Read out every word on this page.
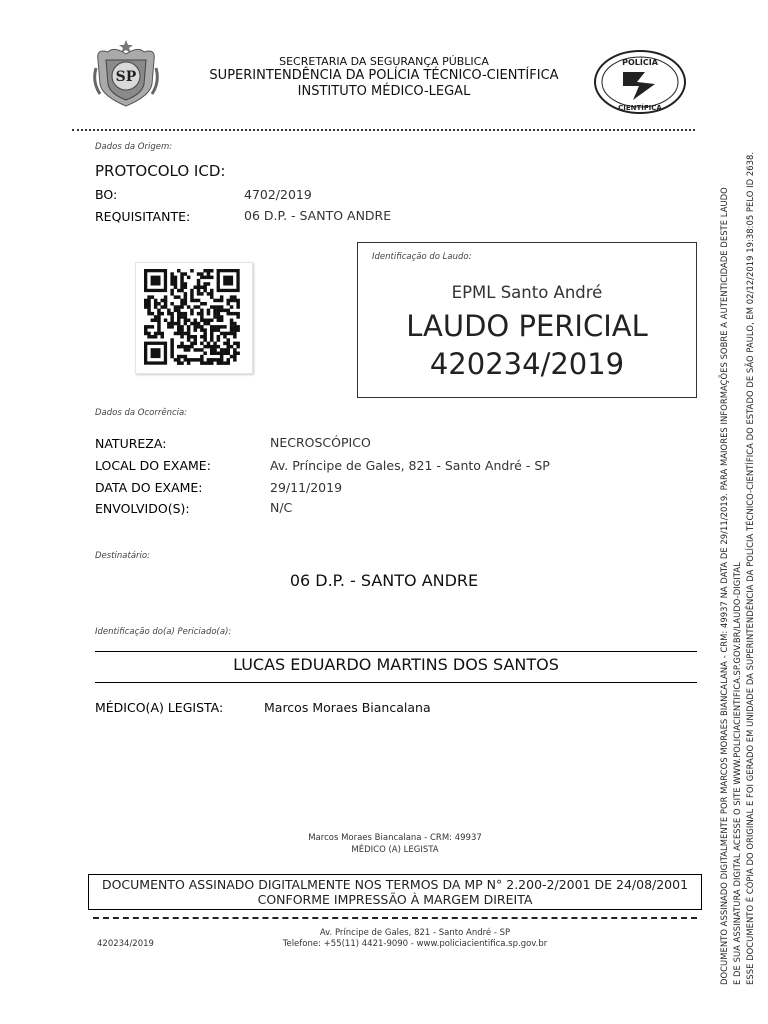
SP
SECRETARIA DA SEGURANÇA PÚBLICA
SUPERINTENDÊNCIA DA POLÍCIA TÉCNICO-CIENTÍFICA
INSTITUTO MÉDICO-LEGAL
POLÍCIA
CIENTÍFICA
Dados da Origem:
PROTOCOLO ICD:
BO:	4702/2019
REQUISITANTE:	06 D.P. - SANTO ANDRE
Identificação do Laudo:
EPML Santo André
LAUDO PERICIAL
420234/2019
Dados da Ocorrência:
NATUREZA:	NECROSCÓPICO
LOCAL DO EXAME:	Av. Príncipe de Gales, 821 - Santo André - SP
DATA DO EXAME:	29/11/2019
ENVOLVIDO(S):	N/C
Destinatário:
06 D.P. - SANTO ANDRE
Identificação do(a) Periciado(a):
LUCAS EDUARDO MARTINS DOS SANTOS
MÉDICO(A) LEGISTA:	Marcos Moraes Biancalana
Marcos Moraes Biancalana - CRM: 49937
MÉDICO (A) LEGISTA
DOCUMENTO ASSINADO DIGITALMENTE NOS TERMOS DA MP N° 2.200-2/2001 DE 24/08/2001
CONFORME IMPRESSÃO À MARGEM DIREITA
420234/2019
Av. Príncipe de Gales, 821 - Santo André - SP
Telefone: +55(11) 4421-9090 - www.policiacientifica.sp.gov.br	DOCUMENTO ASSINADO DIGITALMENTE POR MARCOS MORAES BIANCALANA - CRM: 49937 NA DATA DE 29/11/2019. PARA MAIORES INFORMAÇÕES SOBRE A AUTENTICIDADE DESTE LAUDO E DE SUA ASSINATURA DIGITAL ACESSE O SITE WWW.POLICIACIENTIFICA.SP.GOV.BR/LAUDO-DIGITAL ESSE DOCUMENTO É CÓPIA DO ORIGINAL E FOI GERADO EM UNIDADE DA SUPERINTENDÊNCIA DA POLÍCIA TÉCNICO-CIENTÍFICA DO ESTADO DE SÃO PAULO, EM 02/12/2019 19:38:05 PELO ID 2638.
